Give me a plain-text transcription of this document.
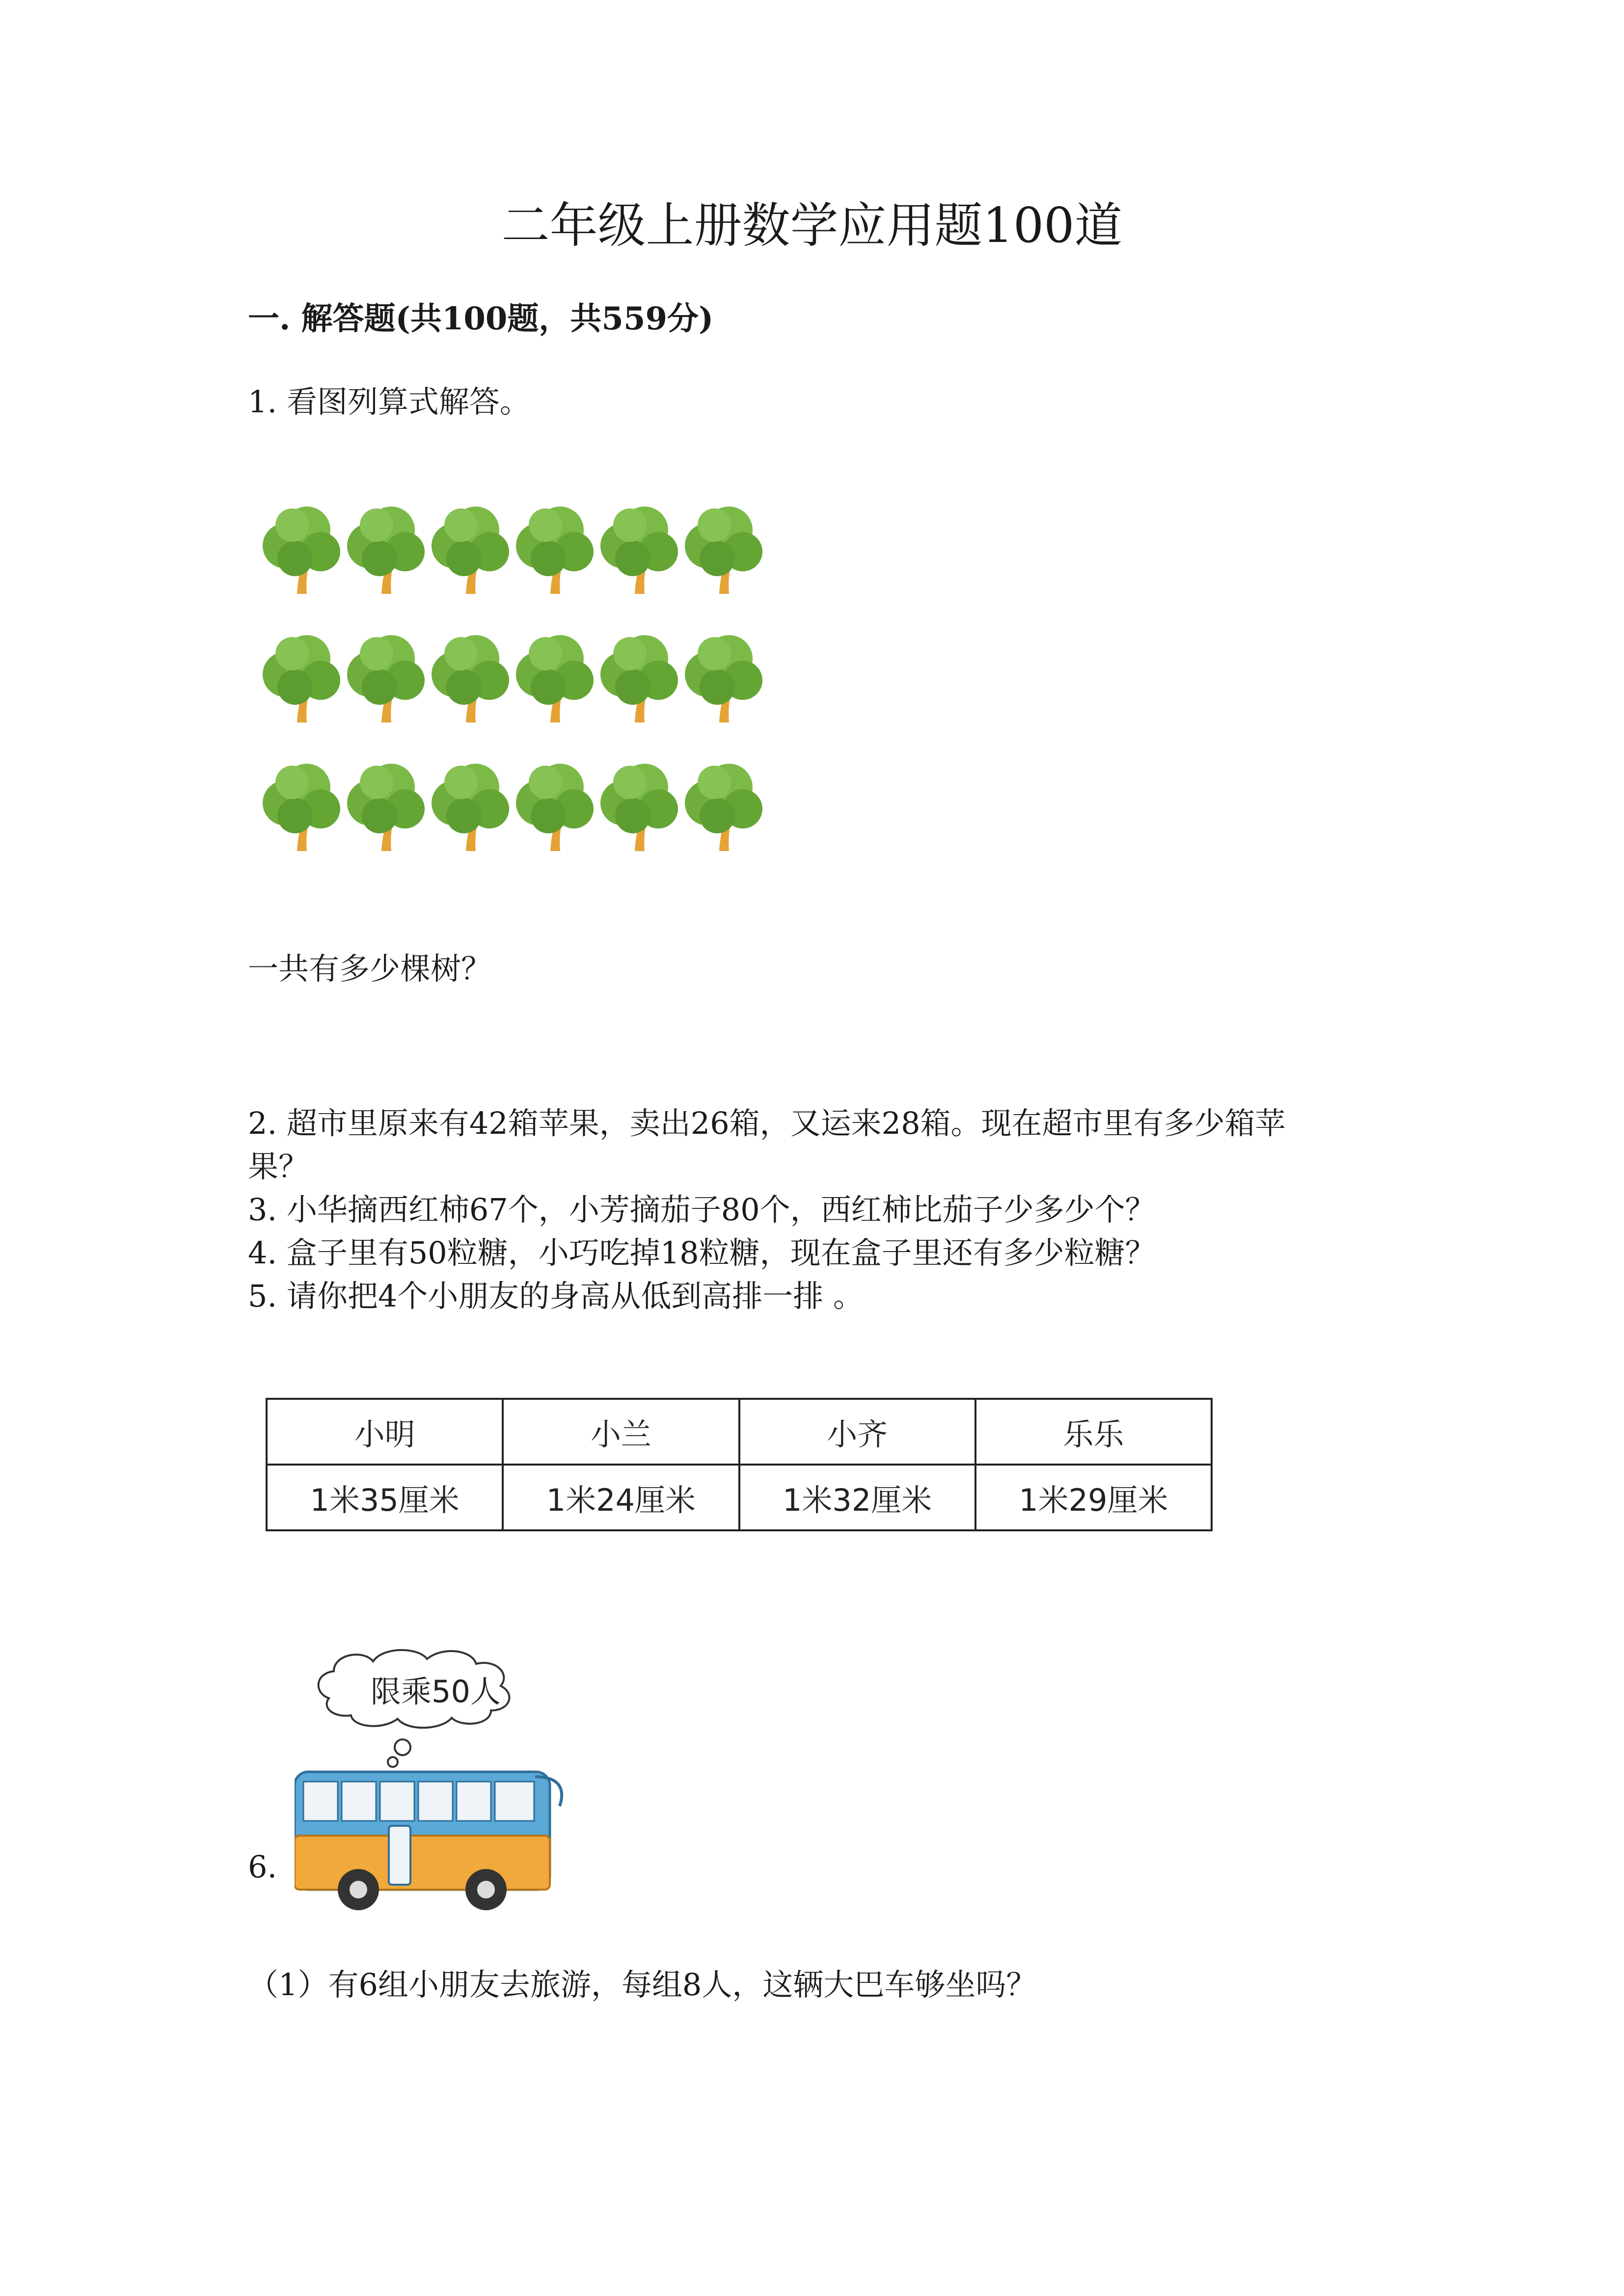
二年级上册数学应用题100道
一. 解答题(共100题，共559分)
1. 看图列算式解答。
一共有多少棵树？
2. 超市里原来有42箱苹果，卖出26箱，又运来28箱。现在超市里有多少箱苹
果？
3. 小华摘西红柿67个，小芳摘茄子80个，西红柿比茄子少多少个？
4. 盒子里有50粒糖，小巧吃掉18粒糖，现在盒子里还有多少粒糖？
5. 请你把4个小朋友的身高从低到高排一排 。
小明	小兰	小齐	乐乐
1米35厘米	1米24厘米	1米32厘米	1米29厘米
6.
限乘50人
（1）有6组小朋友去旅游，每组8人，这辆大巴车够坐吗？
